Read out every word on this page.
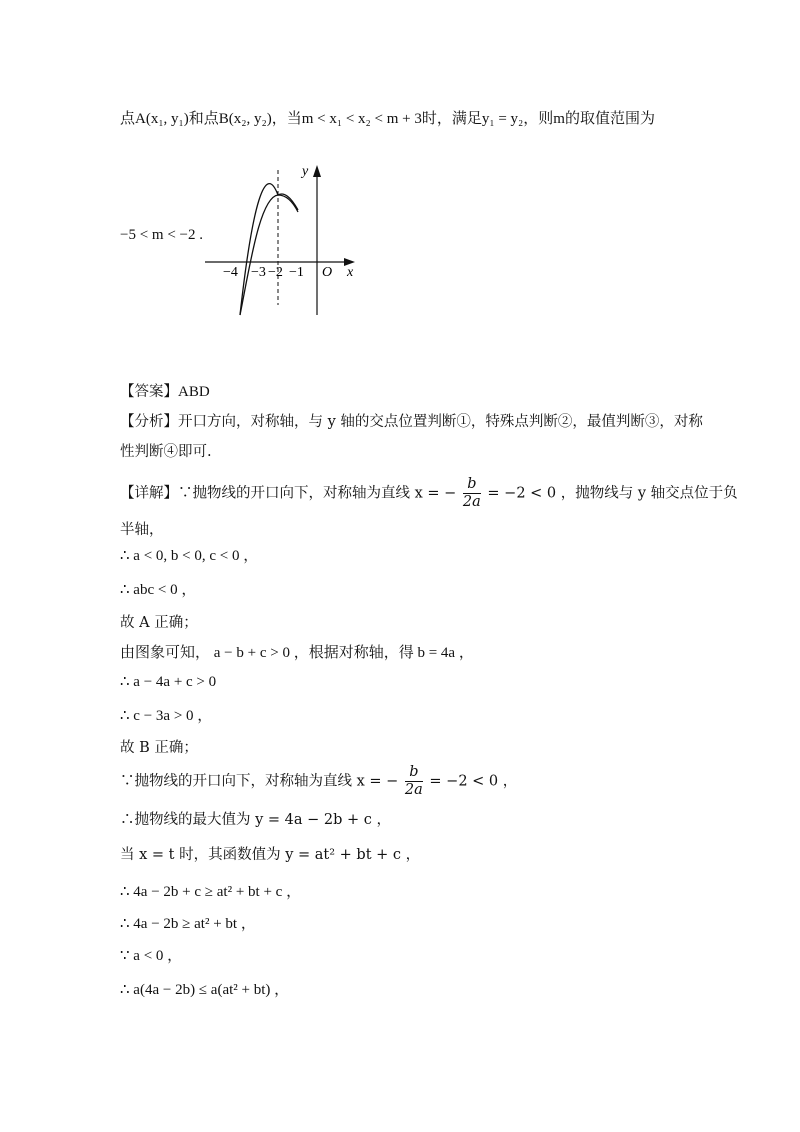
点A(x₁, y₁)和点B(x₂, y₂)，当m < x₁ < x₂ < m + 3时，满足y₁ = y₂，则m的取值范围为
−5 < m < −2 .
−4 −3 −2 −1 O x
y
【答案】ABD
【分析】开口方向，对称轴，与 y 轴的交点位置判断①，特殊点判断②，最值判断③，对称
性判断④即可.
【详解】∵抛物线的开口向下，对称轴为直线 x = − $\frac{b}{2a} = -2 < 0$ ，抛物线与 y 轴交点位于负
半轴，
∴ a < 0, b < 0, c < 0 ，
∴ abc < 0 ，
故 A 正确；
由图象可知， a − b + c > 0 ，根据对称轴，得 b = 4a ，
∴ a − 4a + c > 0
∴ c − 3a > 0 ，
故 B 正确；
∵抛物线的开口向下，对称轴为直线 x = − $\frac{b}{2a} = -2 < 0$ ，
∴抛物线的最大值为 y = 4a − 2b + c ，
当 x = t 时，其函数值为 y = at² + bt + c ，
∴ 4a − 2b + c ≥ at² + bt + c ，
∴ 4a − 2b ≥ at² + bt ，
∵ a < 0 ，
∴ a(4a − 2b) ≤ a(at² + bt) ，
